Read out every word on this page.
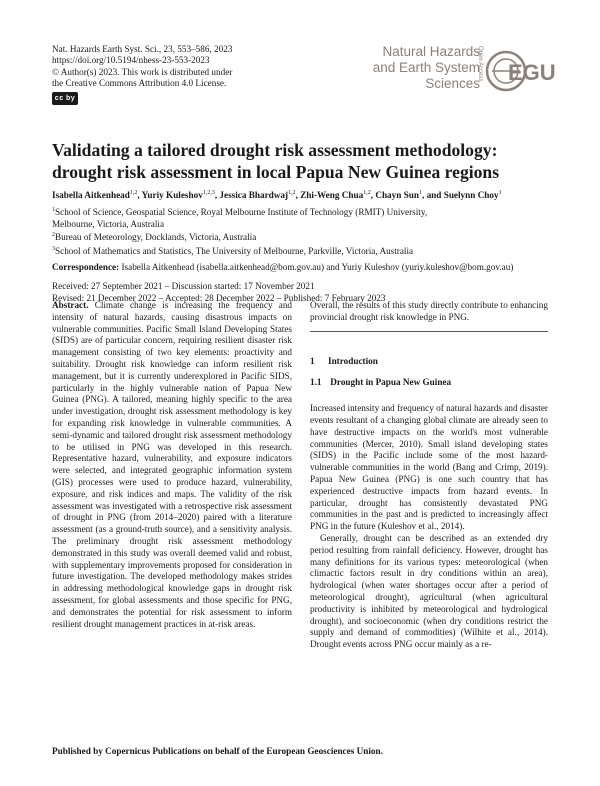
Nat. Hazards Earth Syst. Sci., 23, 553–586, 2023
https://doi.org/10.5194/nhess-23-553-2023
© Author(s) 2023. This work is distributed under
the Creative Commons Attribution 4.0 License.
cc by
Natural Hazards
and Earth System
Sciences
Open Access EGU
Validating a tailored drought risk assessment methodology: drought risk assessment in local Papua New Guinea regions
Isabella Aitkenhead$^{1,2}$, Yuriy Kuleshov$^{1,2,3}$, Jessica Bhardwaj$^{1,2}$, Zhi-Weng Chua$^{1,2}$, Chayn Sun$^1$, and Suelynn Choy$^1$
$^1$School of Science, Geospatial Science, Royal Melbourne Institute of Technology (RMIT) University,
Melbourne, Victoria, Australia
$^2$Bureau of Meteorology, Docklands, Victoria, Australia
$^3$School of Mathematics and Statistics, The University of Melbourne, Parkville, Victoria, Australia
Correspondence: Isabella Aitkenhead (isabella.aitkenhead@bom.gov.au) and Yuriy Kuleshov (yuriy.kuleshov@bom.gov.au)
Received: 27 September 2021 – Discussion started: 17 November 2021
Revised: 21 December 2022 – Accepted: 28 December 2022 – Published: 7 February 2023

Abstract. Climate change is increasing the frequency and intensity of natural hazards, causing disastrous impacts on vulnerable communities. Pacific Small Island Developing States (SIDS) are of particular concern, requiring resilient disaster risk management consisting of two key elements: proactivity and suitability. Drought risk knowledge can inform resilient risk management, but it is currently underexplored in Pacific SIDS, particularly in the highly vulnerable nation of Papua New Guinea (PNG). A tailored, meaning highly specific to the area under investigation, drought risk assessment methodology is key for expanding risk knowledge in vulnerable communities. A semi-dynamic and tailored drought risk assessment methodology to be utilised in PNG was developed in this research. Representative hazard, vulnerability, and exposure indicators were selected, and integrated geographic information system (GIS) processes were used to produce hazard, vulnerability, exposure, and risk indices and maps. The validity of the risk assessment was investigated with a retrospective risk assessment of drought in PNG (from 2014–2020) paired with a literature assessment (as a ground-truth source), and a sensitivity analysis. The preliminary drought risk assessment methodology demonstrated in this study was overall deemed valid and robust, with supplementary improvements proposed for consideration in future investigation. The developed methodology makes strides in addressing methodological knowledge gaps in drought risk assessment, for global assessments and those specific for PNG, and demonstrates the potential for risk assessment to inform resilient drought management practices in at-risk areas.

Overall, the results of this study directly contribute to enhancing provincial drought risk knowledge in PNG.

1 Introduction
1.1 Drought in Papua New Guinea

Increased intensity and frequency of natural hazards and disaster events resultant of a changing global climate are already seen to have destructive impacts on the world's most vulnerable communities (Mercer, 2010). Small island developing states (SIDS) in the Pacific include some of the most hazard-vulnerable communities in the world (Bang and Crimp, 2019). Papua New Guinea (PNG) is one such country that has experienced destructive impacts from hazard events. In particular, drought has consistently devastated PNG communities in the past and is predicted to increasingly affect PNG in the future (Kuleshov et al., 2014).

Generally, drought can be described as an extended dry period resulting from rainfall deficiency. However, drought has many definitions for its various types: meteorological (when climactic factors result in dry conditions within an area), hydrological (when water shortages occur after a period of meteorological drought), agricultural (when agricultural productivity is inhibited by meteorological and hydrological drought), and socioeconomic (when dry conditions restrict the supply and demand of commodities) (Wilhite et al., 2014). Drought events across PNG occur mainly as a re-

Published by Copernicus Publications on behalf of the European Geosciences Union.
